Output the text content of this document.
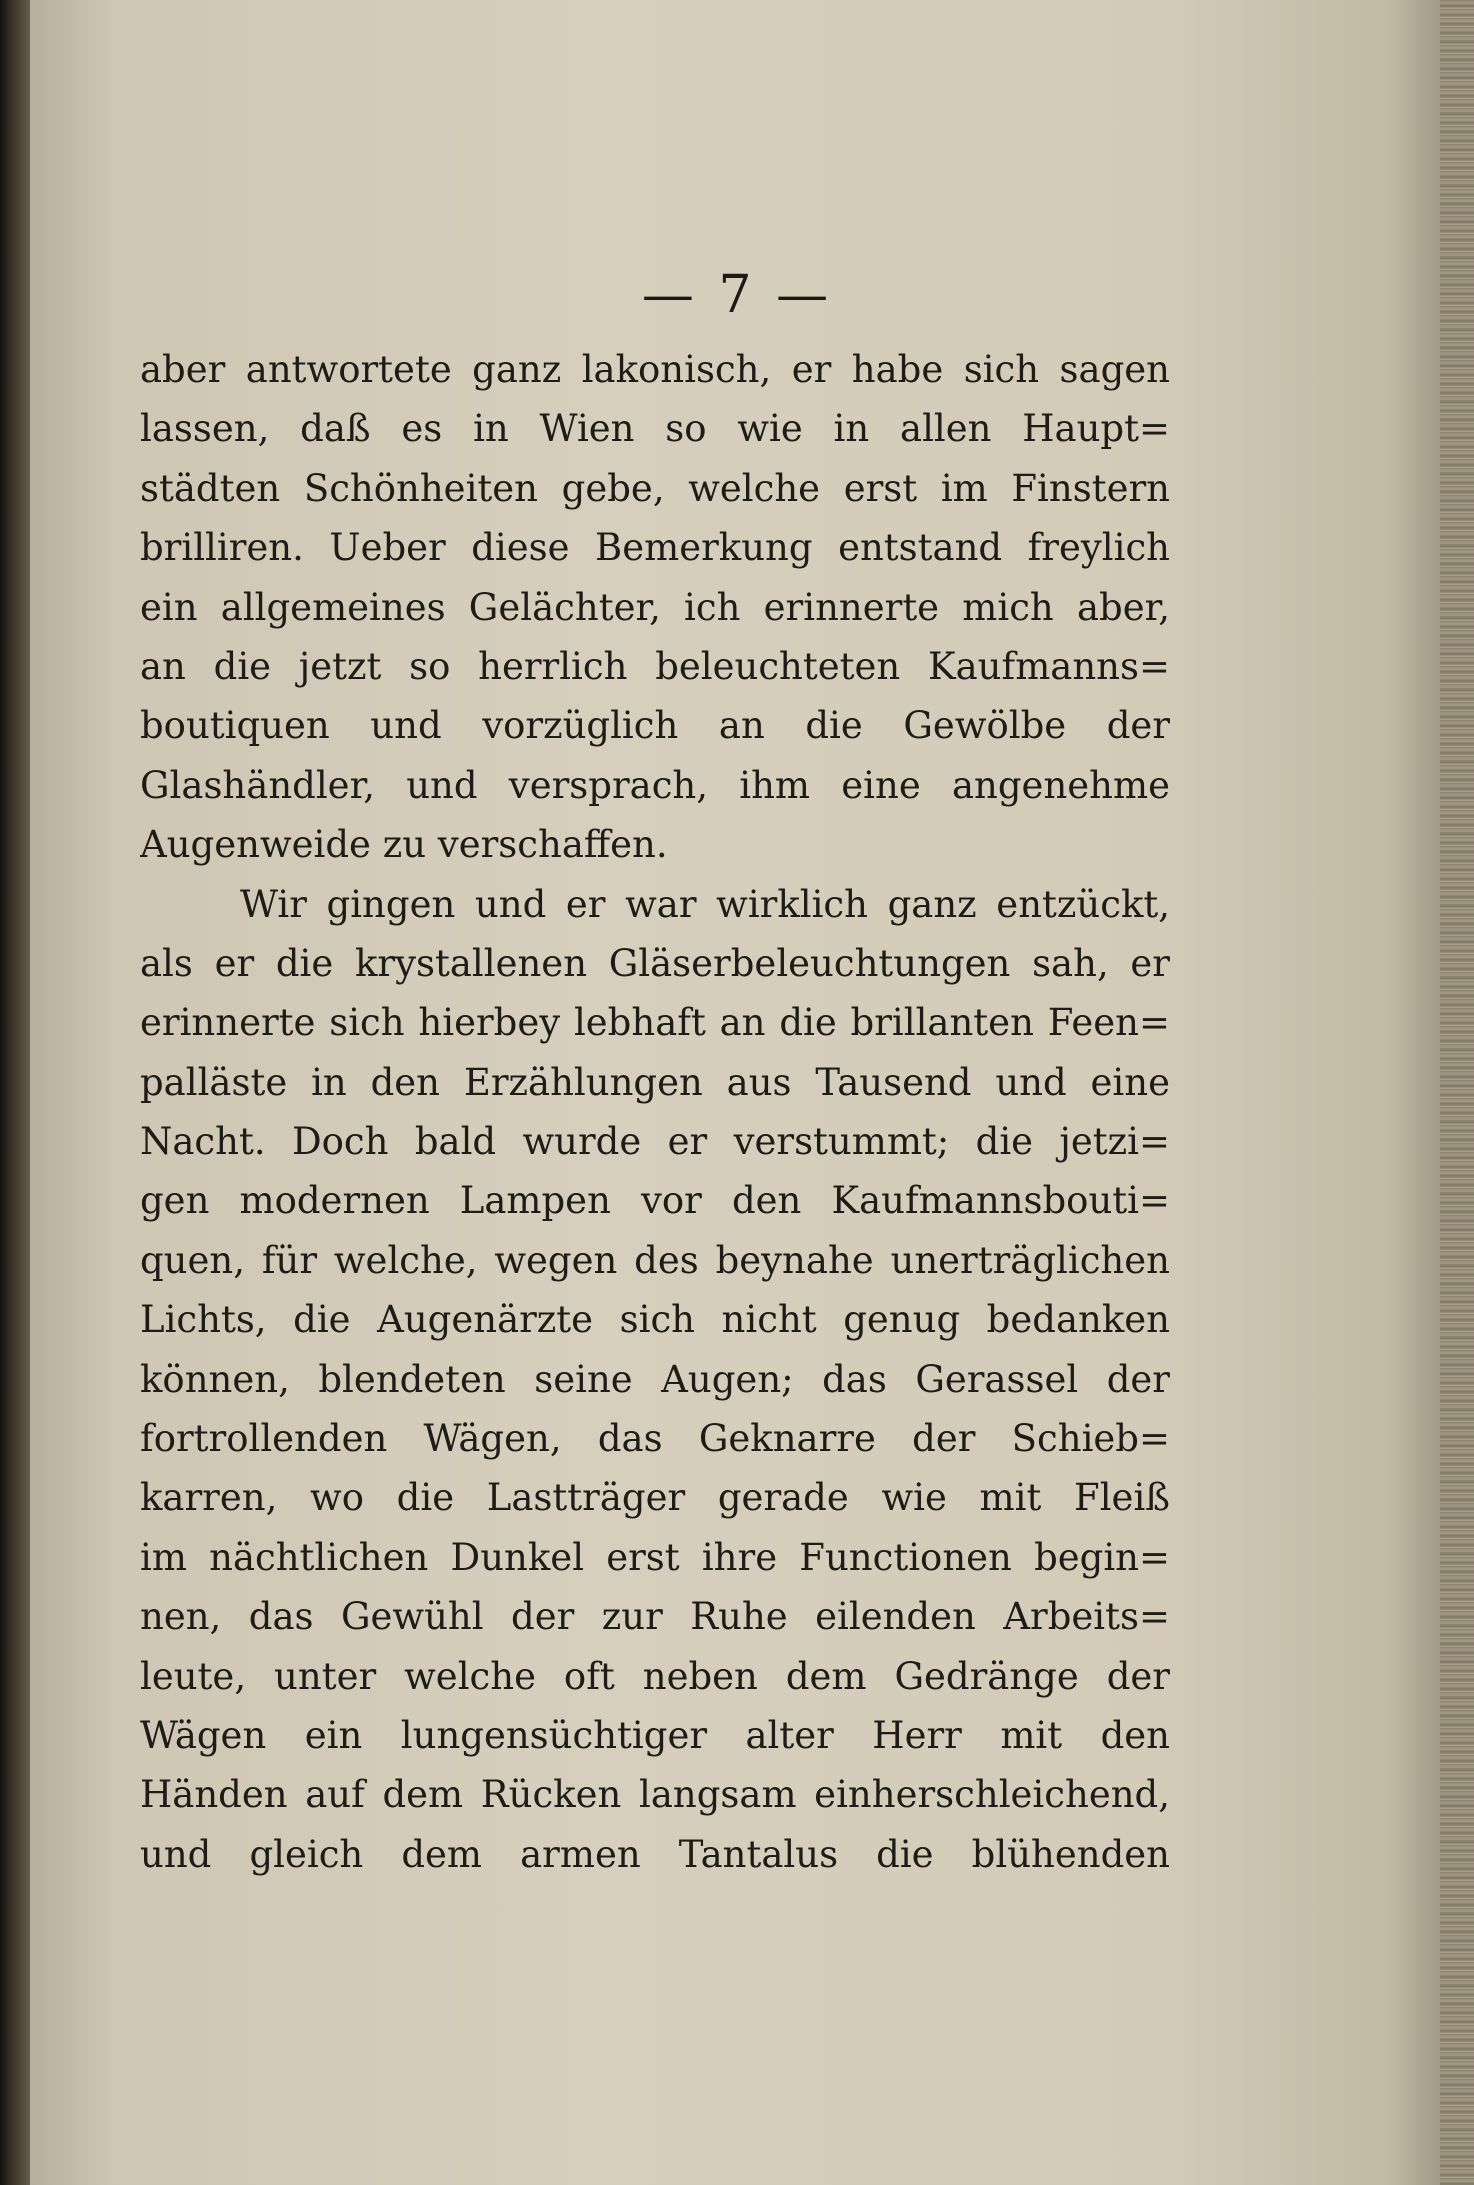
— 7 —
aber antwortete ganz lakonisch, er habe sich sagen
lassen, daß es in Wien so wie in allen Haupt=
städten Schönheiten gebe, welche erst im Finstern
brilliren. Ueber diese Bemerkung entstand freylich
ein allgemeines Gelächter, ich erinnerte mich aber,
an die jetzt so herrlich beleuchteten Kaufmanns=
boutiquen und vorzüglich an die Gewölbe der
Glashändler, und versprach, ihm eine angenehme
Augenweide zu verschaffen.
Wir gingen und er war wirklich ganz entzückt,
als er die krystallenen Gläserbeleuchtungen sah, er
erinnerte sich hierbey lebhaft an die brillanten Feen=
palläste in den Erzählungen aus Tausend und eine
Nacht. Doch bald wurde er verstummt; die jetzi=
gen modernen Lampen vor den Kaufmannsbouti=
quen, für welche, wegen des beynahe unerträglichen
Lichts, die Augenärzte sich nicht genug bedanken
können, blendeten seine Augen; das Gerassel der
fortrollenden Wägen, das Geknarre der Schieb=
karren, wo die Lastträger gerade wie mit Fleiß
im nächtlichen Dunkel erst ihre Functionen begin=
nen, das Gewühl der zur Ruhe eilenden Arbeits=
leute, unter welche oft neben dem Gedränge der
Wägen ein lungensüchtiger alter Herr mit den
Händen auf dem Rücken langsam einherschleichend,
und gleich dem armen Tantalus die blühenden
